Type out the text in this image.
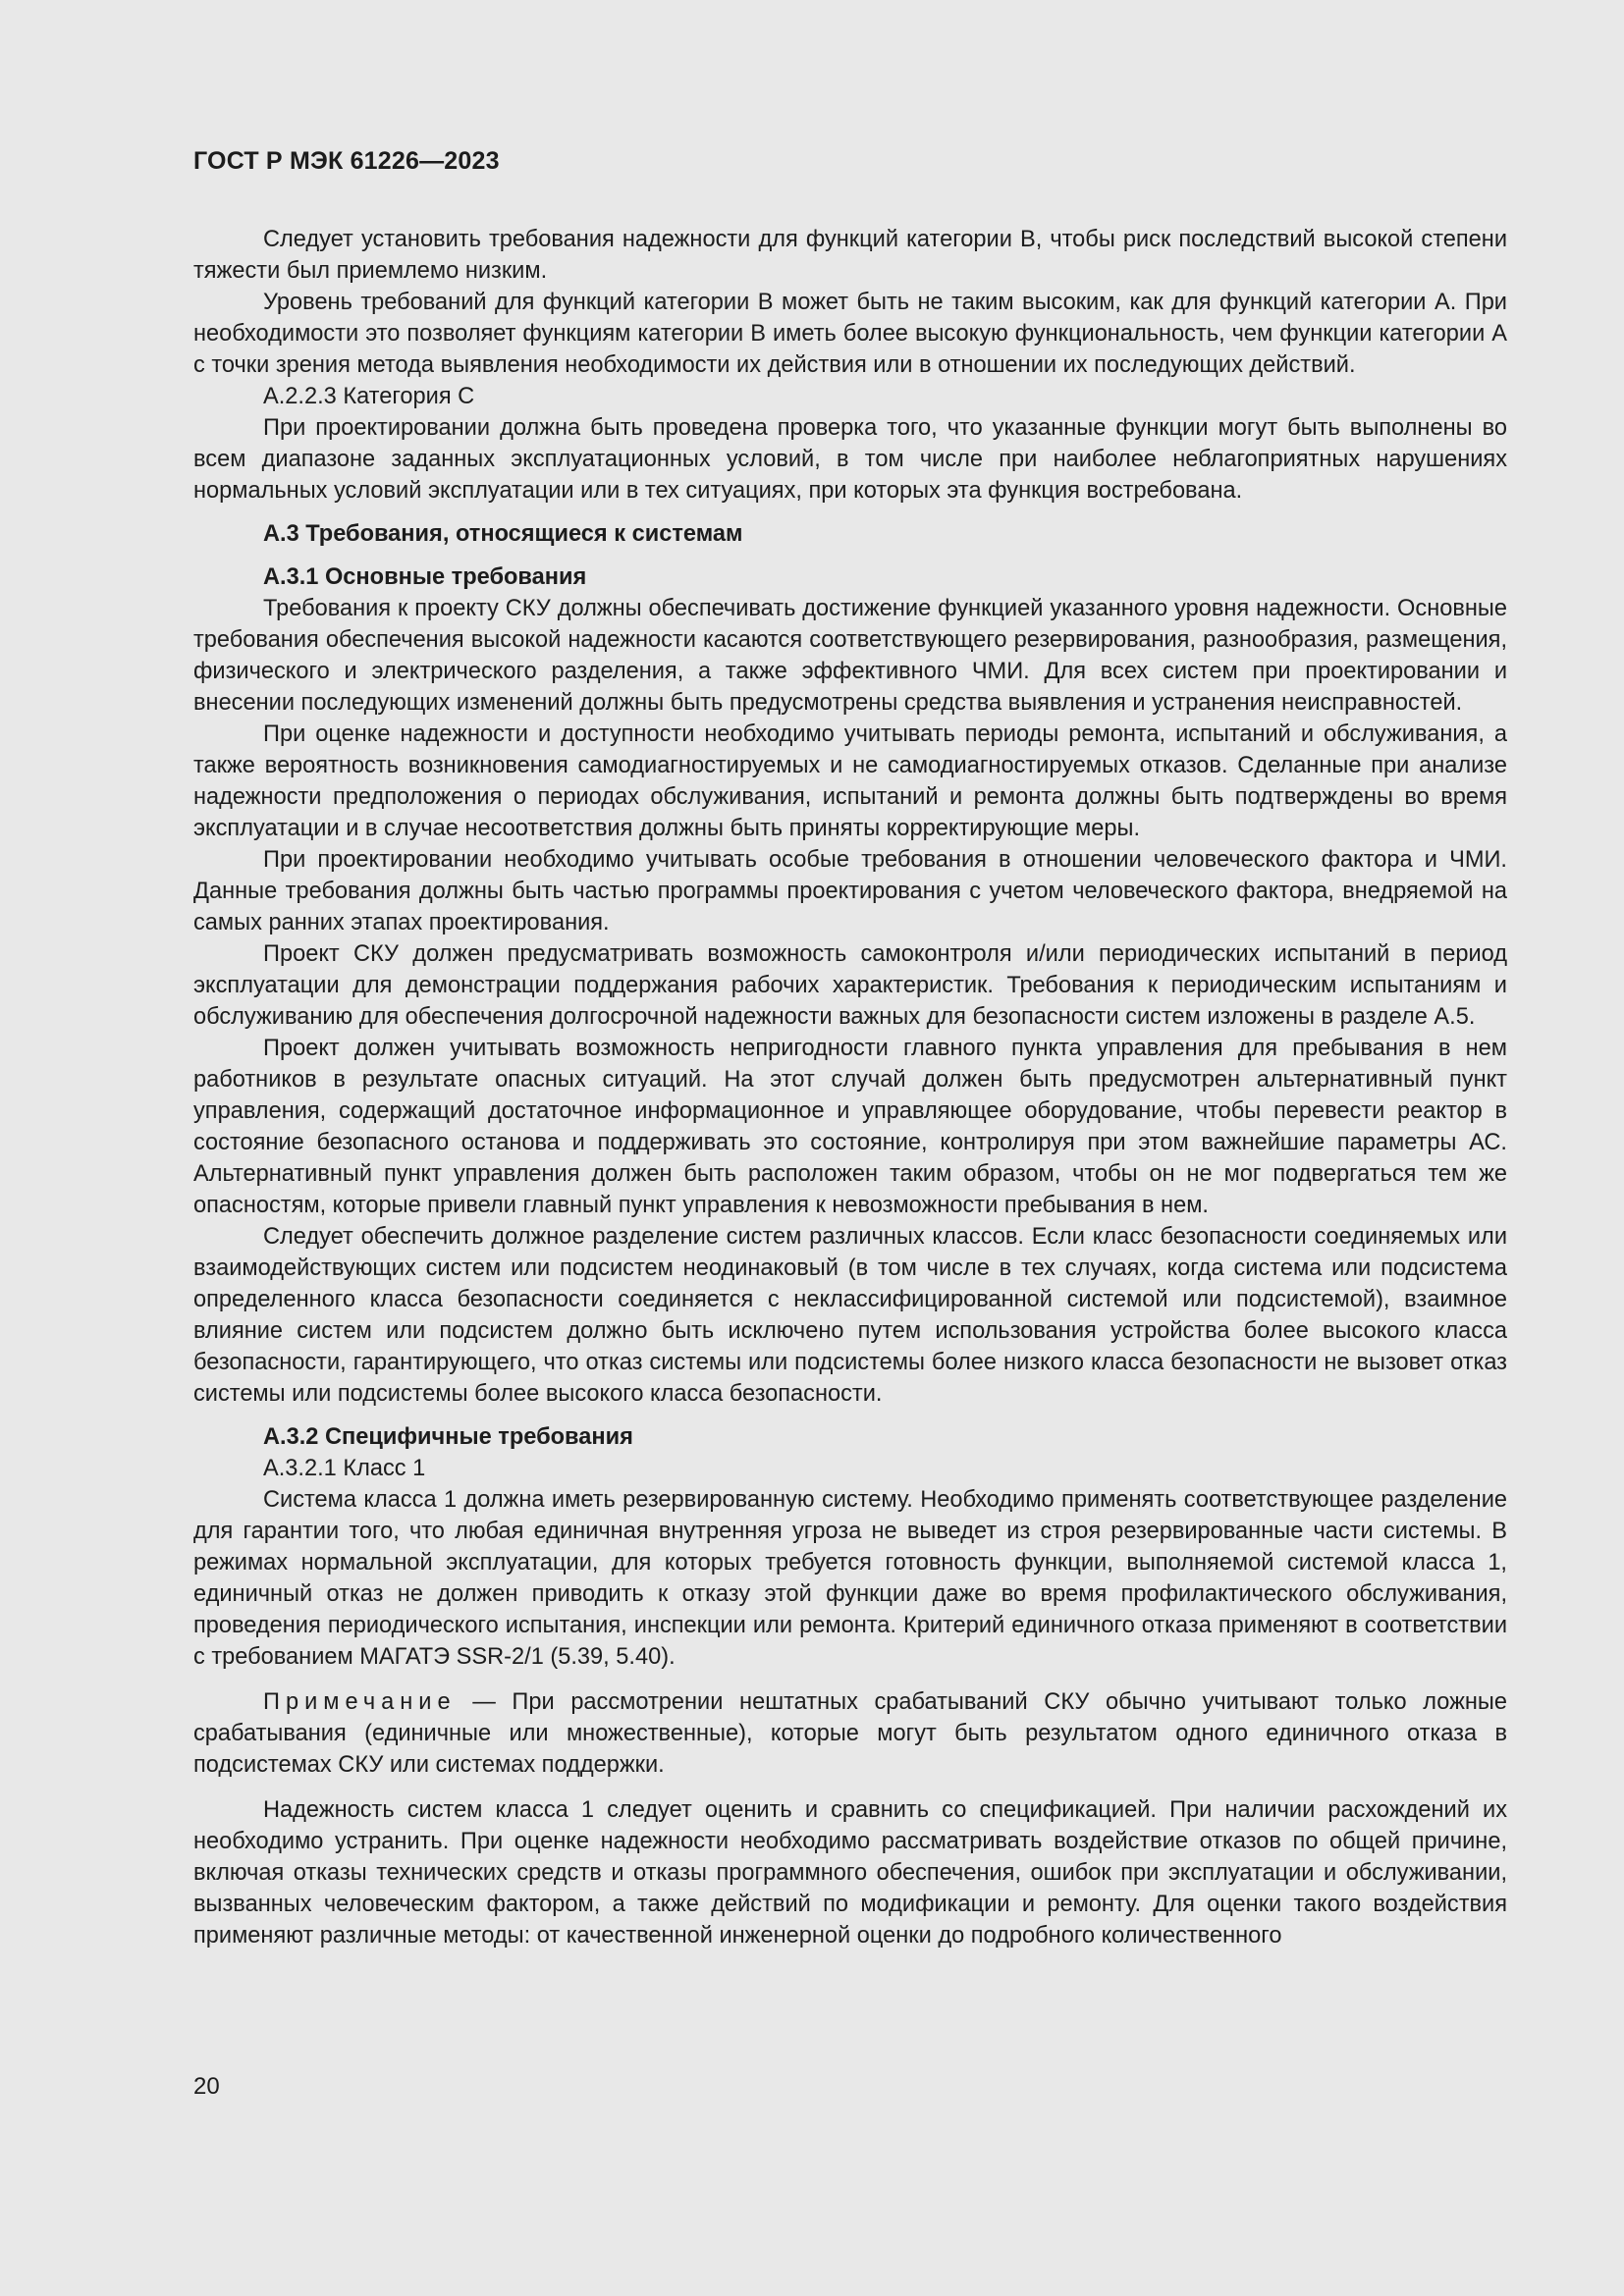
ГОСТ Р МЭК 61226—2023

Следует установить требования надежности для функций категории В, чтобы риск последствий высокой степени тяжести был приемлемо низким.

Уровень требований для функций категории В может быть не таким высоким, как для функций категории А. При необходимости это позволяет функциям категории В иметь более высокую функциональность, чем функции категории А с точки зрения метода выявления необходимости их действия или в отношении их последующих действий.

А.2.2.3 Категория С

При проектировании должна быть проведена проверка того, что указанные функции могут быть выполнены во всем диапазоне заданных эксплуатационных условий, в том числе при наиболее неблагоприятных нарушениях нормальных условий эксплуатации или в тех ситуациях, при которых эта функция востребована.

А.3 Требования, относящиеся к системам
А.3.1 Основные требования

Требования к проекту СКУ должны обеспечивать достижение функцией указанного уровня надежности. Основные требования обеспечения высокой надежности касаются соответствующего резервирования, разнообразия, размещения, физического и электрического разделения, а также эффективного ЧМИ. Для всех систем при проектировании и внесении последующих изменений должны быть предусмотрены средства выявления и устранения неисправностей.

При оценке надежности и доступности необходимо учитывать периоды ремонта, испытаний и обслуживания, а также вероятность возникновения самодиагностируемых и не самодиагностируемых отказов. Сделанные при анализе надежности предположения о периодах обслуживания, испытаний и ремонта должны быть подтверждены во время эксплуатации и в случае несоответствия должны быть приняты корректирующие меры.

При проектировании необходимо учитывать особые требования в отношении человеческого фактора и ЧМИ. Данные требования должны быть частью программы проектирования с учетом человеческого фактора, внедряемой на самых ранних этапах проектирования.

Проект СКУ должен предусматривать возможность самоконтроля и/или периодических испытаний в период эксплуатации для демонстрации поддержания рабочих характеристик. Требования к периодическим испытаниям и обслуживанию для обеспечения долгосрочной надежности важных для безопасности систем изложены в разделе А.5.

Проект должен учитывать возможность непригодности главного пункта управления для пребывания в нем работников в результате опасных ситуаций. На этот случай должен быть предусмотрен альтернативный пункт управления, содержащий достаточное информационное и управляющее оборудование, чтобы перевести реактор в состояние безопасного останова и поддерживать это состояние, контролируя при этом важнейшие параметры АС. Альтернативный пункт управления должен быть расположен таким образом, чтобы он не мог подвергаться тем же опасностям, которые привели главный пункт управления к невозможности пребывания в нем.

Следует обеспечить должное разделение систем различных классов. Если класс безопасности соединяемых или взаимодействующих систем или подсистем неодинаковый (в том числе в тех случаях, когда система или подсистема определенного класса безопасности соединяется с неклассифицированной системой или подсистемой), взаимное влияние систем или подсистем должно быть исключено путем использования устройства более высокого класса безопасности, гарантирующего, что отказ системы или подсистемы более низкого класса безопасности не вызовет отказ системы или подсистемы более высокого класса безопасности.

А.3.2 Специфичные требования
А.3.2.1 Класс 1

Система класса 1 должна иметь резервированную систему. Необходимо применять соответствующее разделение для гарантии того, что любая единичная внутренняя угроза не выведет из строя резервированные части системы. В режимах нормальной эксплуатации, для которых требуется готовность функции, выполняемой системой класса 1, единичный отказ не должен приводить к отказу этой функции даже во время профилактического обслуживания, проведения периодического испытания, инспекции или ремонта. Критерий единичного отказа применяют в соответствии с требованием МАГАТЭ SSR-2/1 (5.39, 5.40).

Примечание — При рассмотрении нештатных срабатываний СКУ обычно учитывают только ложные срабатывания (единичные или множественные), которые могут быть результатом одного единичного отказа в подсистемах СКУ или системах поддержки.

Надежность систем класса 1 следует оценить и сравнить со спецификацией. При наличии расхождений их необходимо устранить. При оценке надежности необходимо рассматривать воздействие отказов по общей причине, включая отказы технических средств и отказы программного обеспечения, ошибок при эксплуатации и обслуживании, вызванных человеческим фактором, а также действий по модификации и ремонту. Для оценки такого воздействия применяют различные методы: от качественной инженерной оценки до подробного количественного

20
